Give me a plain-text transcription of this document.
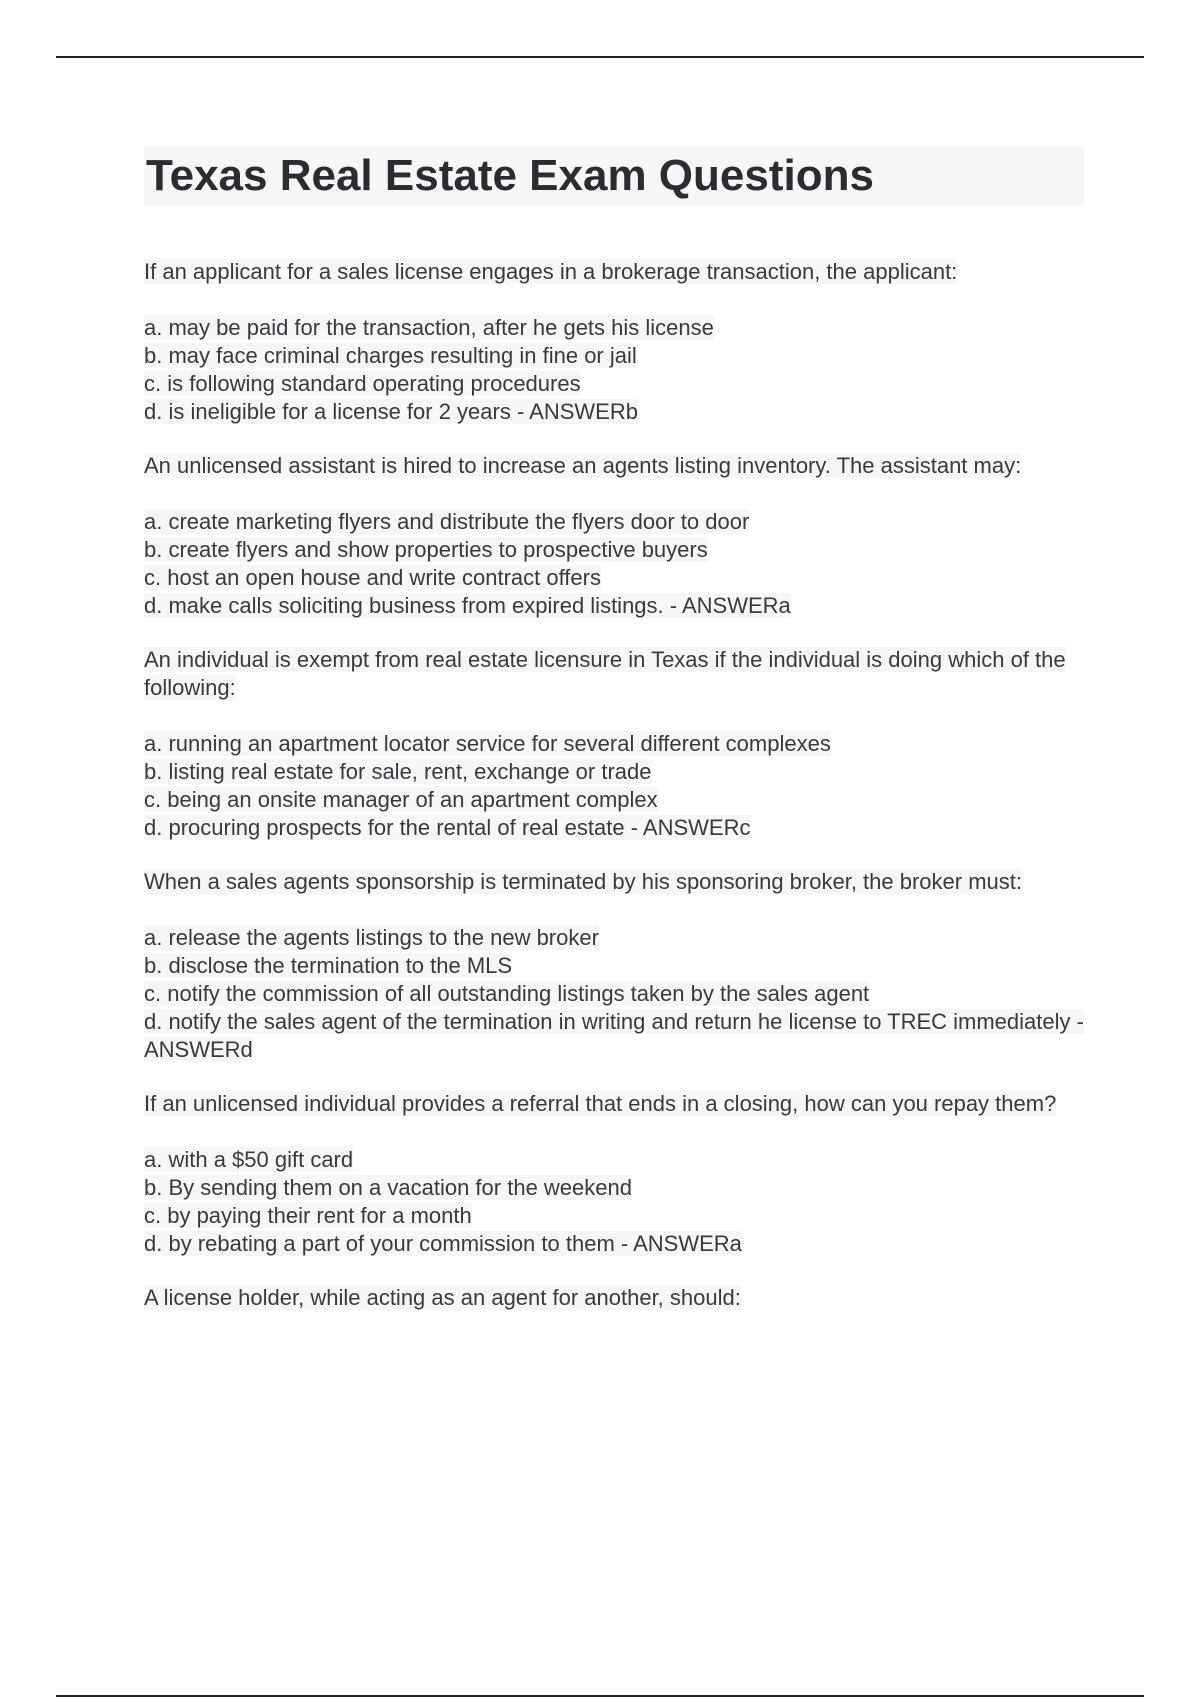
Texas Real Estate Exam Questions
If an applicant for a sales license engages in a brokerage transaction, the applicant:
a. may be paid for the transaction, after he gets his license
b. may face criminal charges resulting in fine or jail
c. is following standard operating procedures
d. is ineligible for a license for 2 years - ANSWERb
An unlicensed assistant is hired to increase an agents listing inventory. The assistant may:
a. create marketing flyers and distribute the flyers door to door
b. create flyers and show properties to prospective buyers
c. host an open house and write contract offers
d. make calls soliciting business from expired listings. - ANSWERa
An individual is exempt from real estate licensure in Texas if the individual is doing which of the following:
a. running an apartment locator service for several different complexes
b. listing real estate for sale, rent, exchange or trade
c. being an onsite manager of an apartment complex
d. procuring prospects for the rental of real estate - ANSWERc
When a sales agents sponsorship is terminated by his sponsoring broker, the broker must:
a. release the agents listings to the new broker
b. disclose the termination to the MLS
c. notify the commission of all outstanding listings taken by the sales agent
d. notify the sales agent of the termination in writing and return he license to TREC immediately - ANSWERd
If an unlicensed individual provides a referral that ends in a closing, how can you repay them?
a. with a $50 gift card
b. By sending them on a vacation for the weekend
c. by paying their rent for a month
d. by rebating a part of your commission to them - ANSWERa
A license holder, while acting as an agent for another, should:
